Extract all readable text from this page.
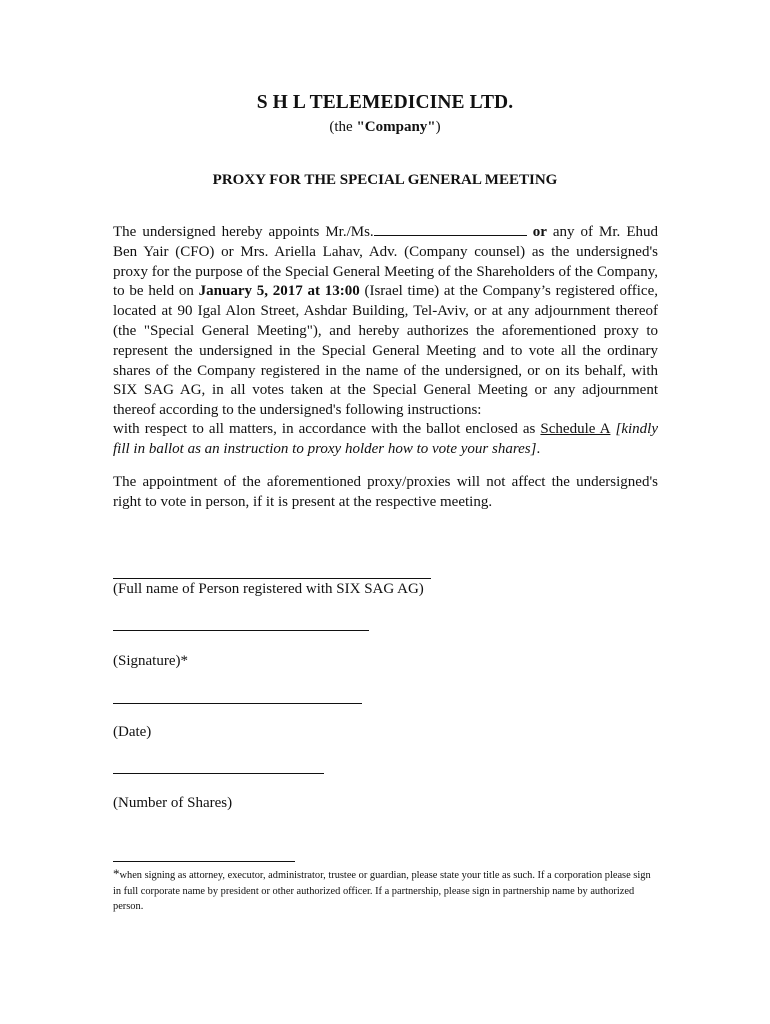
S H L TELEMEDICINE LTD.
(the "Company")
PROXY FOR THE SPECIAL GENERAL MEETING

The undersigned hereby appoints Mr./Ms.	or any of Mr. Ehud Ben Yair (CFO) or Mrs. Ariella Lahav, Adv. (Company counsel) as the undersigned's proxy for the purpose of the Special General Meeting of the Shareholders of the Company, to be held on January 5, 2017 at 13:00 (Israel time) at the Company’s registered office, located at 90 Igal Alon Street, Ashdar Building, Tel-Aviv, or at any adjournment thereof (the "Special General Meeting"), and hereby authorizes the aforementioned proxy to represent the undersigned in the Special General Meeting and to vote all the ordinary shares of the Company registered in the name of the undersigned, or on its behalf, with SIX SAG AG, in all votes taken at the Special General Meeting or any adjournment thereof according to the undersigned's following instructions:

with respect to all matters, in accordance with the ballot enclosed as Schedule A [kindly fill in ballot as an instruction to proxy holder how to vote your shares].

The appointment of the aforementioned proxy/proxies will not affect the undersigned's right to vote in person, if it is present at the respective meeting.

(Full name of Person registered with SIX SAG AG)
(Signature)*
(Date)
(Number of Shares)

*when signing as attorney, executor, administrator, trustee or guardian, please state your title as such. If a corporation please sign in full corporate name by president or other authorized officer. If a partnership, please sign in partnership name by authorized person.
